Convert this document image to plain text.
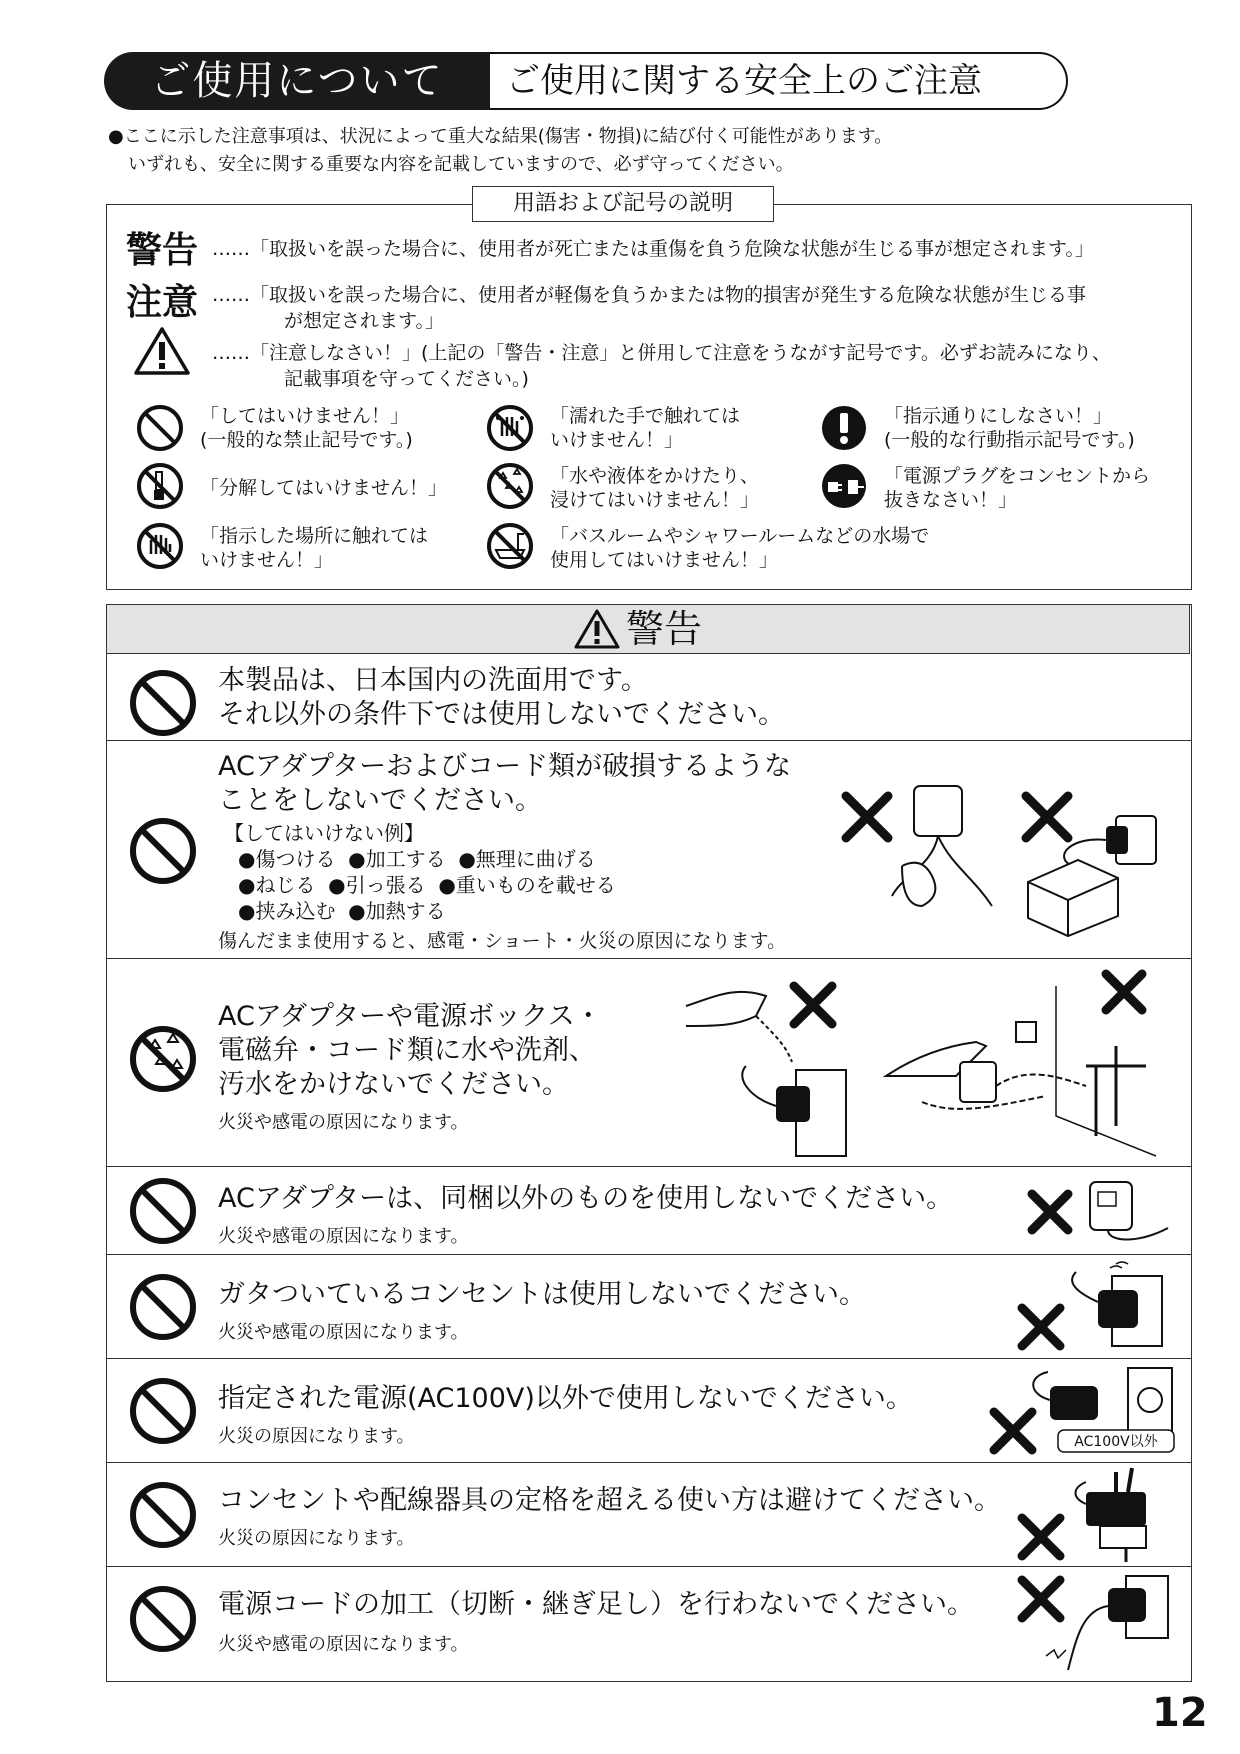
ご使用について	ご使用に関する安全上のご注意
●ここに示した注意事項は、状況によって重大な結果(傷害・物損)に結び付く可能性があります。
いずれも、安全に関する重要な内容を記載していますので、必ず守ってください。
用語および記号の説明
警告 ……「取扱いを誤った場合に、使用者が死亡または重傷を負う危険な状態が生じる事が想定されます。」
注意 ……「取扱いを誤った場合に、使用者が軽傷を負うかまたは物的損害が発生する危険な状態が生じる事
が想定されます。」
……「注意しなさい！」(上記の「警告・注意」と併用して注意をうながす記号です。必ずお読みになり、
記載事項を守ってください。)
「してはいけません！」
(一般的な禁止記号です。)
「分解してはいけません！」
「指示した場所に触れては
いけません！」
「濡れた手で触れては
いけません！」
「水や液体をかけたり、
浸けてはいけません！」
「バスルームやシャワールームなどの水場で
使用してはいけません！」
「指示通りにしなさい！」
(一般的な行動指示記号です。)
「電源プラグをコンセントから
抜きなさい！」
警告
本製品は、日本国内の洗面用です。
それ以外の条件下では使用しないでください。
ACアダプターおよびコード類が破損するような
ことをしないでください。
【してはいけない例】
●傷つける  ●加工する  ●無理に曲げる
●ねじる  ●引っ張る  ●重いものを載せる
●挟み込む  ●加熱する
傷んだまま使用すると、感電・ショート・火災の原因になります。
ACアダプターや電源ボックス・
電磁弁・コード類に水や洗剤、
汚水をかけないでください。
火災や感電の原因になります。
ACアダプターは、同梱以外のものを使用しないでください。
火災や感電の原因になります。
ガタついているコンセントは使用しないでください。
火災や感電の原因になります。
指定された電源(AC100V)以外で使用しないでください。
火災の原因になります。	AC100V以外
コンセントや配線器具の定格を超える使い方は避けてください。
火災の原因になります。
電源コードの加工（切断・継ぎ足し）を行わないでください。
火災や感電の原因になります。
12
